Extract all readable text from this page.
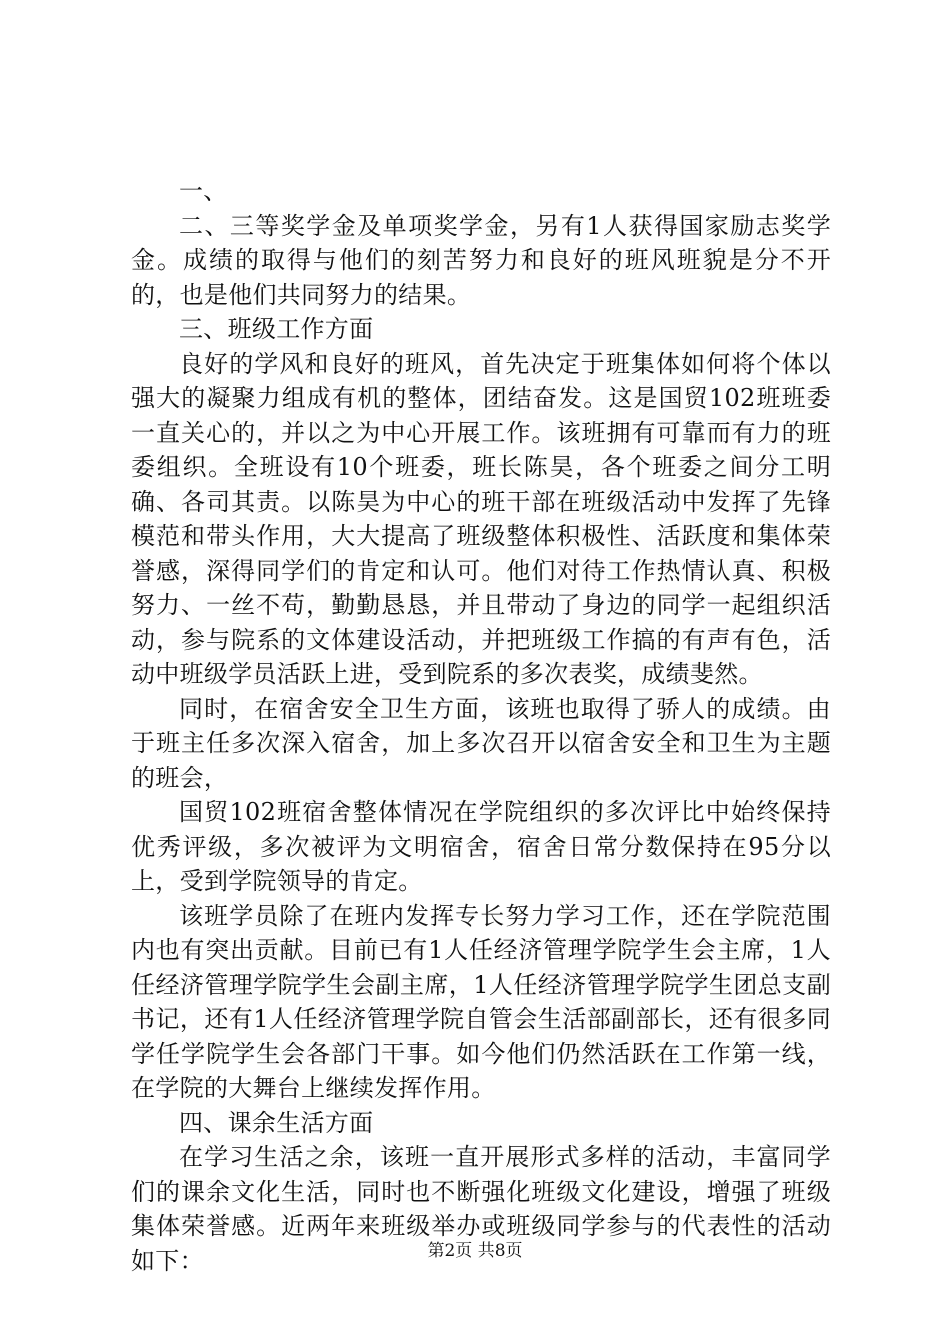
一、

二、三等奖学金及单项奖学金，另有1人获得国家励志奖学金。成绩的取得与他们的刻苦努力和良好的班风班貌是分不开的，也是他们共同努力的结果。

三、班级工作方面

良好的学风和良好的班风，首先决定于班集体如何将个体以强大的凝聚力组成有机的整体，团结奋发。这是国贸102班班委一直关心的，并以之为中心开展工作。该班拥有可靠而有力的班委组织。全班设有10个班委，班长陈昊，各个班委之间分工明确、各司其责。以陈昊为中心的班干部在班级活动中发挥了先锋模范和带头作用，大大提高了班级整体积极性、活跃度和集体荣誉感，深得同学们的肯定和认可。他们对待工作热情认真、积极努力、一丝不苟，勤勤恳恳，并且带动了身边的同学一起组织活动，参与院系的文体建设活动，并把班级工作搞的有声有色，活动中班级学员活跃上进，受到院系的多次表奖，成绩斐然。

同时，在宿舍安全卫生方面，该班也取得了骄人的成绩。由于班主任多次深入宿舍，加上多次召开以宿舍安全和卫生为主题的班会，

国贸102班宿舍整体情况在学院组织的多次评比中始终保持优秀评级，多次被评为文明宿舍，宿舍日常分数保持在95分以上，受到学院领导的肯定。

该班学员除了在班内发挥专长努力学习工作，还在学院范围内也有突出贡献。目前已有1人任经济管理学院学生会主席，1人任经济管理学院学生会副主席，1人任经济管理学院学生团总支副书记，还有1人任经济管理学院自管会生活部副部长，还有很多同学任学院学生会各部门干事。如今他们仍然活跃在工作第一线，在学院的大舞台上继续发挥作用。

四、课余生活方面

在学习生活之余，该班一直开展形式多样的活动，丰富同学们的课余文化生活，同时也不断强化班级文化建设，增强了班级集体荣誉感。近两年来班级举办或班级同学参与的代表性的活动如下：	第2页 共8页
